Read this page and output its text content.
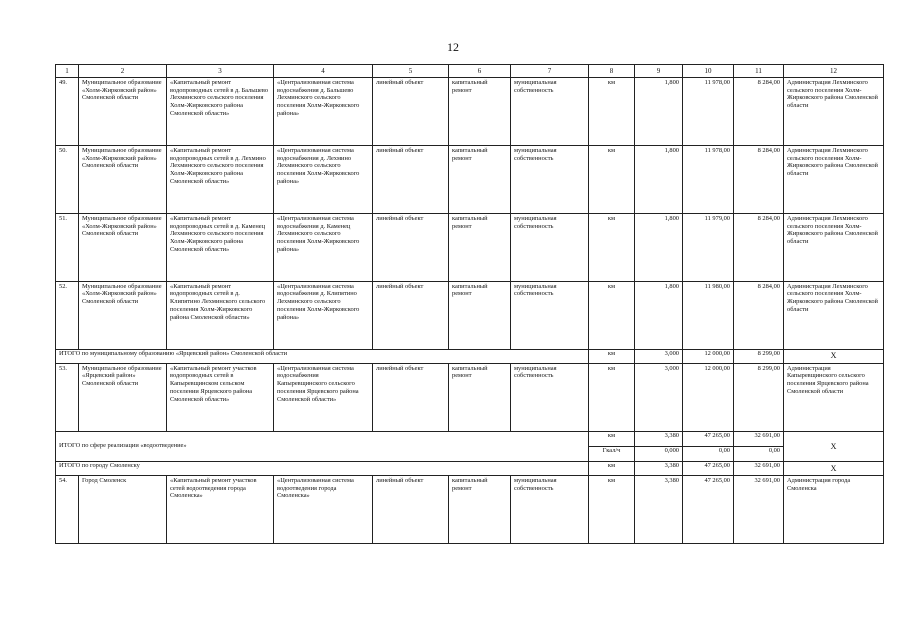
12
1	2	3	4	5	6	7	8	9	10	11	12
49.	Муниципальное образование «Холм-Жирковский район» Смоленской области	«Капитальный ремонт водопроводных сетей в д. Бальшево Лехминского сельского поселения Холм-Жирковского района Смоленской области»	«Централизованная система водоснабжения д. Бальшево Лехминского сельского поселения Холм-Жирковского района»	линейный объект	капитальный ремонт	муниципальная собственность	км	1,800	11 978,00	8 284,00	Администрация Лехминского сельского поселения Холм-Жирковского района Смоленской области
50.	Муниципальное образование «Холм-Жирковский район» Смоленской области	«Капитальный ремонт водопроводных сетей в д. Лехмино Лехминского сельского поселения Холм-Жирковского района Смоленской области»	«Централизованная система водоснабжения д. Лехмино Лехминского сельского поселения Холм-Жирковского района»	линейный объект	капитальный ремонт	муниципальная собственность	км	1,800	11 978,00	8 284,00	Администрация Лехминского сельского поселения Холм-Жирковского района Смоленской области
51.	Муниципальное образование «Холм-Жирковский район» Смоленской области	«Капитальный ремонт водопроводных сетей в д. Каменец Лехминского сельского поселения Холм-Жирковского района Смоленской области»	«Централизованная система водоснабжения д. Каменец Лехминского сельского поселения Холм-Жирковского района»	линейный объект	капитальный ремонт	муниципальная собственность	км	1,800	11 979,00	8 284,00	Администрация Лехминского сельского поселения Холм-Жирковского района Смоленской области
52.	Муниципальное образование «Холм-Жирковский район» Смоленской области	«Капитальный ремонт водопроводных сетей в д. Клипятино Лехминского сельского поселения Холм-Жирковского района Смоленской области»	«Централизованная система водоснабжения д. Клипятино Лехминского сельского поселения Холм-Жирковского района»	линейный объект	капитальный ремонт	муниципальная собственность	км	1,800	11 980,00	8 284,00	Администрация Лехминского сельского поселения Холм-Жирковского района Смоленской области
ИТОГО по муниципальному образованию «Ярцевский район» Смоленской области							км	3,000	12 000,00	8 299,00	X
53.	Муниципальное образование «Ярцевский район» Смоленской области	«Капитальный ремонт участков водопроводных сетей в Капыревщинском сельском поселении Ярцевского района Смоленской области»	«Централизованная система водоснабжения Капыревщинского сельского поселения Ярцевского района Смоленской области»	линейный объект	капитальный ремонт	муниципальная собственность	км	3,000	12 000,00	8 299,00	Администрация Капыревщинского сельского поселения Ярцевского района Смоленской области
ИТОГО по сфере реализации «водоотведение»							км	3,380	47 265,00	32 691,00	X
							Гкал/ч	0,000	0,00	0,00	
ИТОГО по городу Смоленску							км	3,380	47 265,00	32 691,00	X
54.	Город Смоленск	«Капитальный ремонт участков сетей водоотведения города Смоленска»	«Централизованная система водоотведения города Смоленска»	линейный объект	капитальный ремонт	муниципальная собственность	км	3,380	47 265,00	32 691,00	Администрация города Смоленска
